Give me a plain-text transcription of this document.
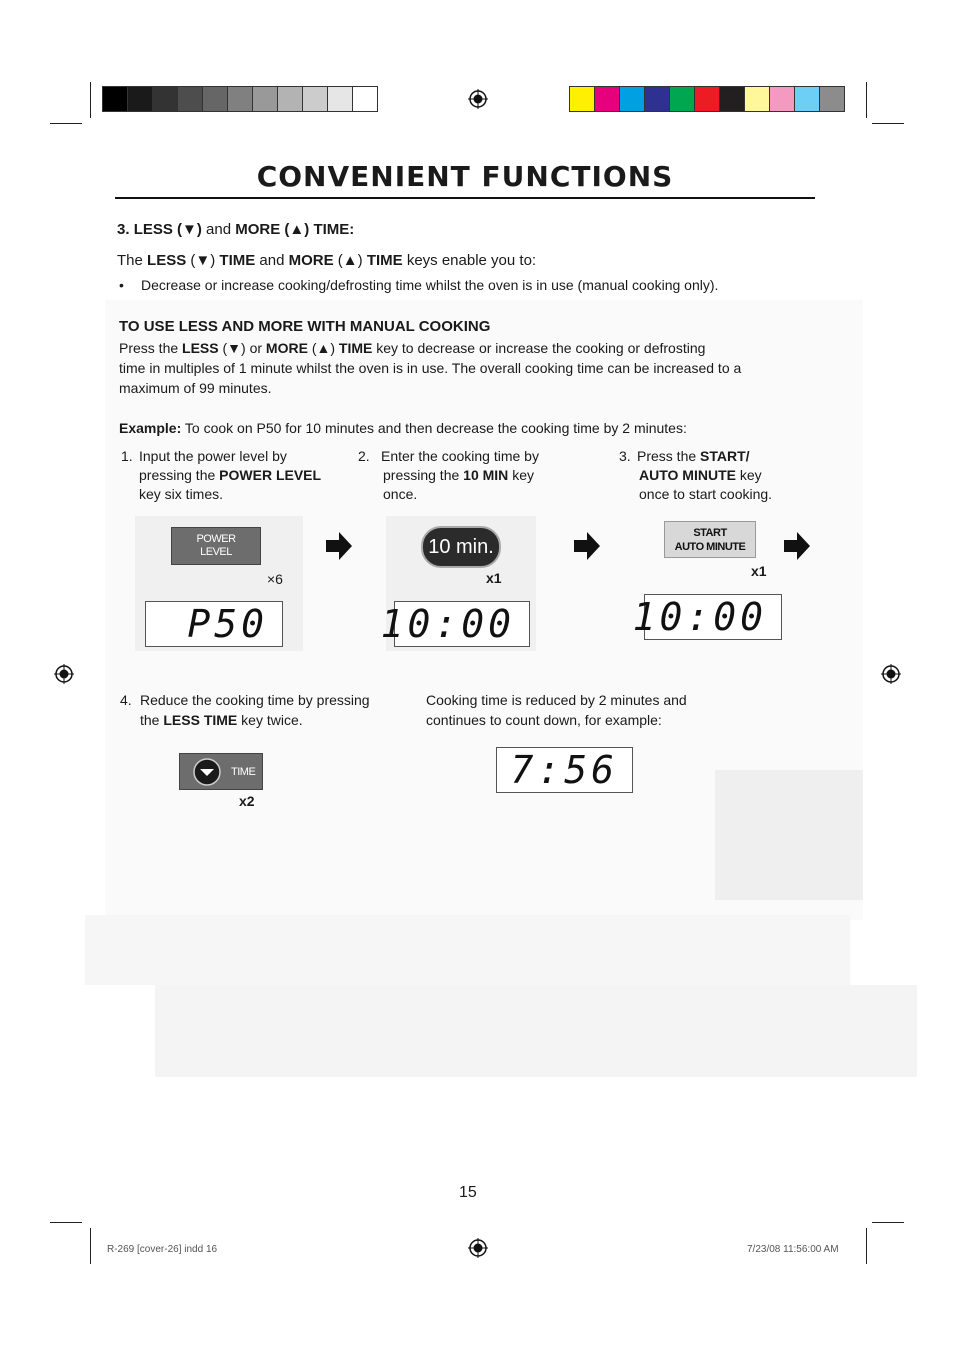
CONVENIENT FUNCTIONS
3. LESS (▼) and MORE (▲) TIME:
The LESS (▼) TIME and MORE (▲) TIME keys enable you to:
• Decrease or increase cooking/defrosting time whilst the oven is in use (manual cooking only).
TO USE LESS AND MORE WITH MANUAL COOKING
Press the LESS (▼) or MORE (▲) TIME key to decrease or increase the cooking or defrosting
time in multiples of 1 minute whilst the oven is in use. The overall cooking time can be increased to a
maximum of 99 minutes.
Example: To cook on P50 for 10 minutes and then decrease the cooking time by 2 minutes:
1. Input the power level by
pressing the POWER LEVEL
key six times.
2. Enter the cooking time by
pressing the 10 MIN key
once.
3. Press the START/
AUTO MINUTE key
once to start cooking.
POWER
LEVEL
×6
P50
10 min.
x1
10:00
START
AUTO MINUTE
x1
10:00
4. Reduce the cooking time by pressing
the LESS TIME key twice.
Cooking time is reduced by 2 minutes and
continues to count down, for example:
TIME
x2
7:56
15
R-269 [cover-26] indd 16	7/23/08 11:56:00 AM
